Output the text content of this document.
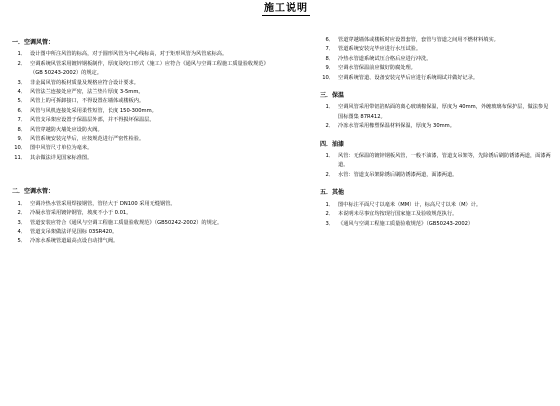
施工说明
一．空调风管：
1． 设计图中所注风管的标高，对于圆形风管为中心线标高，对于矩形风管为风管底标高。
2． 空调系统风管采用镀锌钢板制作，厚度及咬口形式（施工）应符合《通风与空调工程施工质量验收规范》（GB 50243-2002）的规定。
3． 非金属风管的板材质量及规格应符合设计要求。
4． 风管法兰连接处应严密，法兰垫片厚度 3-5mm。
5． 风管上的可拆卸接口，不得设置在墙体或楼板内。
6． 风管与风机连接处采用柔性短管，长度 150-300mm。
7． 风管支吊架应设置于保温层外部，并不得损坏保温层。
8． 风管穿越防火墙处应设防火阀。
9． 风管系统安装完毕后，应按规范进行严密性检验。
10． 图中风管尺寸单位为毫米。
11． 其余做法详见国家标准图。
二．空调水管：
1． 空调冷热水管采用焊接钢管，管径大于 DN100 采用无缝钢管。
2． 冷凝水管采用镀锌钢管，坡度不小于 0.01。
3． 管道安装应符合《通风与空调工程施工质量验收规范》（GB50242-2002）的规定。
4． 管道支吊架做法详见国标 03SR420。
5． 冷冻水系统管道最高点设自动排气阀。
6． 管道穿越墙体或楼板时应设置套管，套管与管道之间用不燃材料填实。
7． 管道系统安装完毕应进行水压试验。
8． 冷热水管道系统试压合格后应进行冲洗。
9． 空调水管保温前应做好防腐处理。
10． 空调系统管道、设备安装完毕后应进行系统调试并做好记录。
三．保温
1． 空调风管采用带铝箔贴面的离心玻璃棉保温，厚度为 40mm，外缠玻璃布保护层，做法参见国标图集 87R412。
2． 冷冻水管采用橡塑保温材料保温，厚度为 30mm。
四．油漆
1． 风管：无保温的镀锌钢板风管，一般不油漆，管道支吊架等，先除锈后刷防锈漆两道，面漆两道。
2． 水管：管道支吊架除锈后刷防锈漆两道，面漆两道。
五．其他
1． 图中标注平面尺寸以毫米（MM）计，标高尺寸以米（M）计。
2． 本说明未尽事宜均按现行国家施工及验收规范执行。
3． 《通风与空调工程施工质量验收规范》（GB50243-2002）
